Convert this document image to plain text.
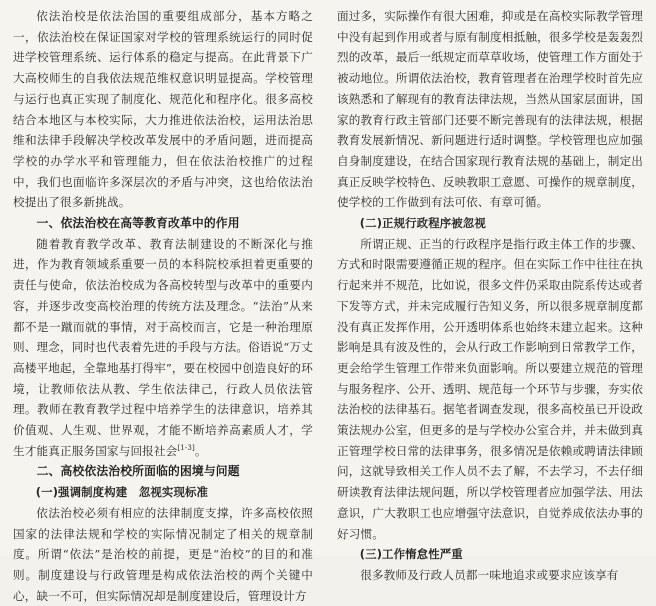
依法治校是依法治国的重要组成部分，基本方略之一，依法治校在保证国家对学校的管理系统运行的同时促进学校管理系统、运行体系的稳定与提高。在此背景下广大高校师生的自我依法规范维权意识明显提高。学校管理与运行也真正实现了制度化、规范化和程序化。很多高校结合本地区与本校实际，大力推进依法治校，运用法治思维和法律手段解决学校改革发展中的矛盾问题，进而提高学校的办学水平和管理能力，但在依法治校推广的过程中，我们也面临许多深层次的矛盾与冲突，这也给依法治校提出了很多新挑战。

一、依法治校在高等教育改革中的作用

随着教育教学改革、教育法制建设的不断深化与推进，作为教育领域系重要一员的本科院校承担着更重要的责任与使命，依法治校成为各高校转型与改革中的重要内容，并逐步改变高校治理的传统方法及理念。“法治”从来都不是一蹴而就的事情，对于高校而言，它是一种治理原则、理念，同时也代表着先进的手段与方法。俗语说“万丈高楼平地起，全靠地基打得牢”，要在校园中创造良好的环境，让教师依法从教、学生依法律己，行政人员依法管理。教师在教育教学过程中培养学生的法律意识，培养其价值观、人生观、世界观，才能不断培养高素质人才，学生才能真正服务国家与回报社会[1-3]。

二、高校依法治校所面临的困境与问题
(一)强调制度构建　忽视实现标准

依法治校必须有相应的法律制度支撑，许多高校依照国家的法律法规和学校的实际情况制定了相关的规章制度。所谓“依法”是治校的前提，更是“治校”的目的和准则。制度建设与行政管理是构成依法治校的两个关键中心，缺一不可，但实际情况却是制度建设后，管理设计方

面过多，实际操作有很大困难，抑或是在高校实际教学管理中没有起到作用或者与原有制度相抵触，很多学校是轰轰烈烈的改革，最后一纸规定而草草收场，使管理工作方面处于被动地位。所谓依法治校，教育管理者在治理学校时首先应该熟悉和了解现有的教育法律法规，当然从国家层面讲，国家的教育行政主管部门还要不断完善现有的法律法规，根据教育发展新情况、新问题进行适时调整。学校管理也应加强自身制度建设，在结合国家现行教育法规的基础上，制定出真正反映学校特色、反映教职工意愿、可操作的规章制度，使学校的工作做到有法可依、有章可循。

(二)正规行政程序被忽视

所谓正规、正当的行政程序是指行政主体工作的步骤、方式和时限需要遵循正规的程序。但在实际工作中往往在执行起来并不规范，比如说，很多文件仍采取由院系传达或者下发等方式，并未完成履行告知义务，所以很多规章制度都没有真正发挥作用，公开透明体系也始终未建立起来。这种影响是具有波及性的，会从行政工作影响到日常教学工作，更会给学生管理工作带来负面影响。所以要建立规范的管理与服务程序、公开、透明、规范每一个环节与步骤，夯实依法治校的法律基石。据笔者调查发现，很多高校虽已开设政策法规办公室，但更多的是与学校办公室合并，并未做到真正管理学校日常的法律事务，很多情况是依赖或聘请法律顾问，这就导致相关工作人员不去了解，不去学习，不去仔细研读教育法律法规问题，所以学校管理者应加强学法、用法意识，广大教职工也应增强守法意识，自觉养成依法办事的好习惯。

(三)工作惰怠性严重

很多教师及行政人员都一味地追求或要求应该享有
